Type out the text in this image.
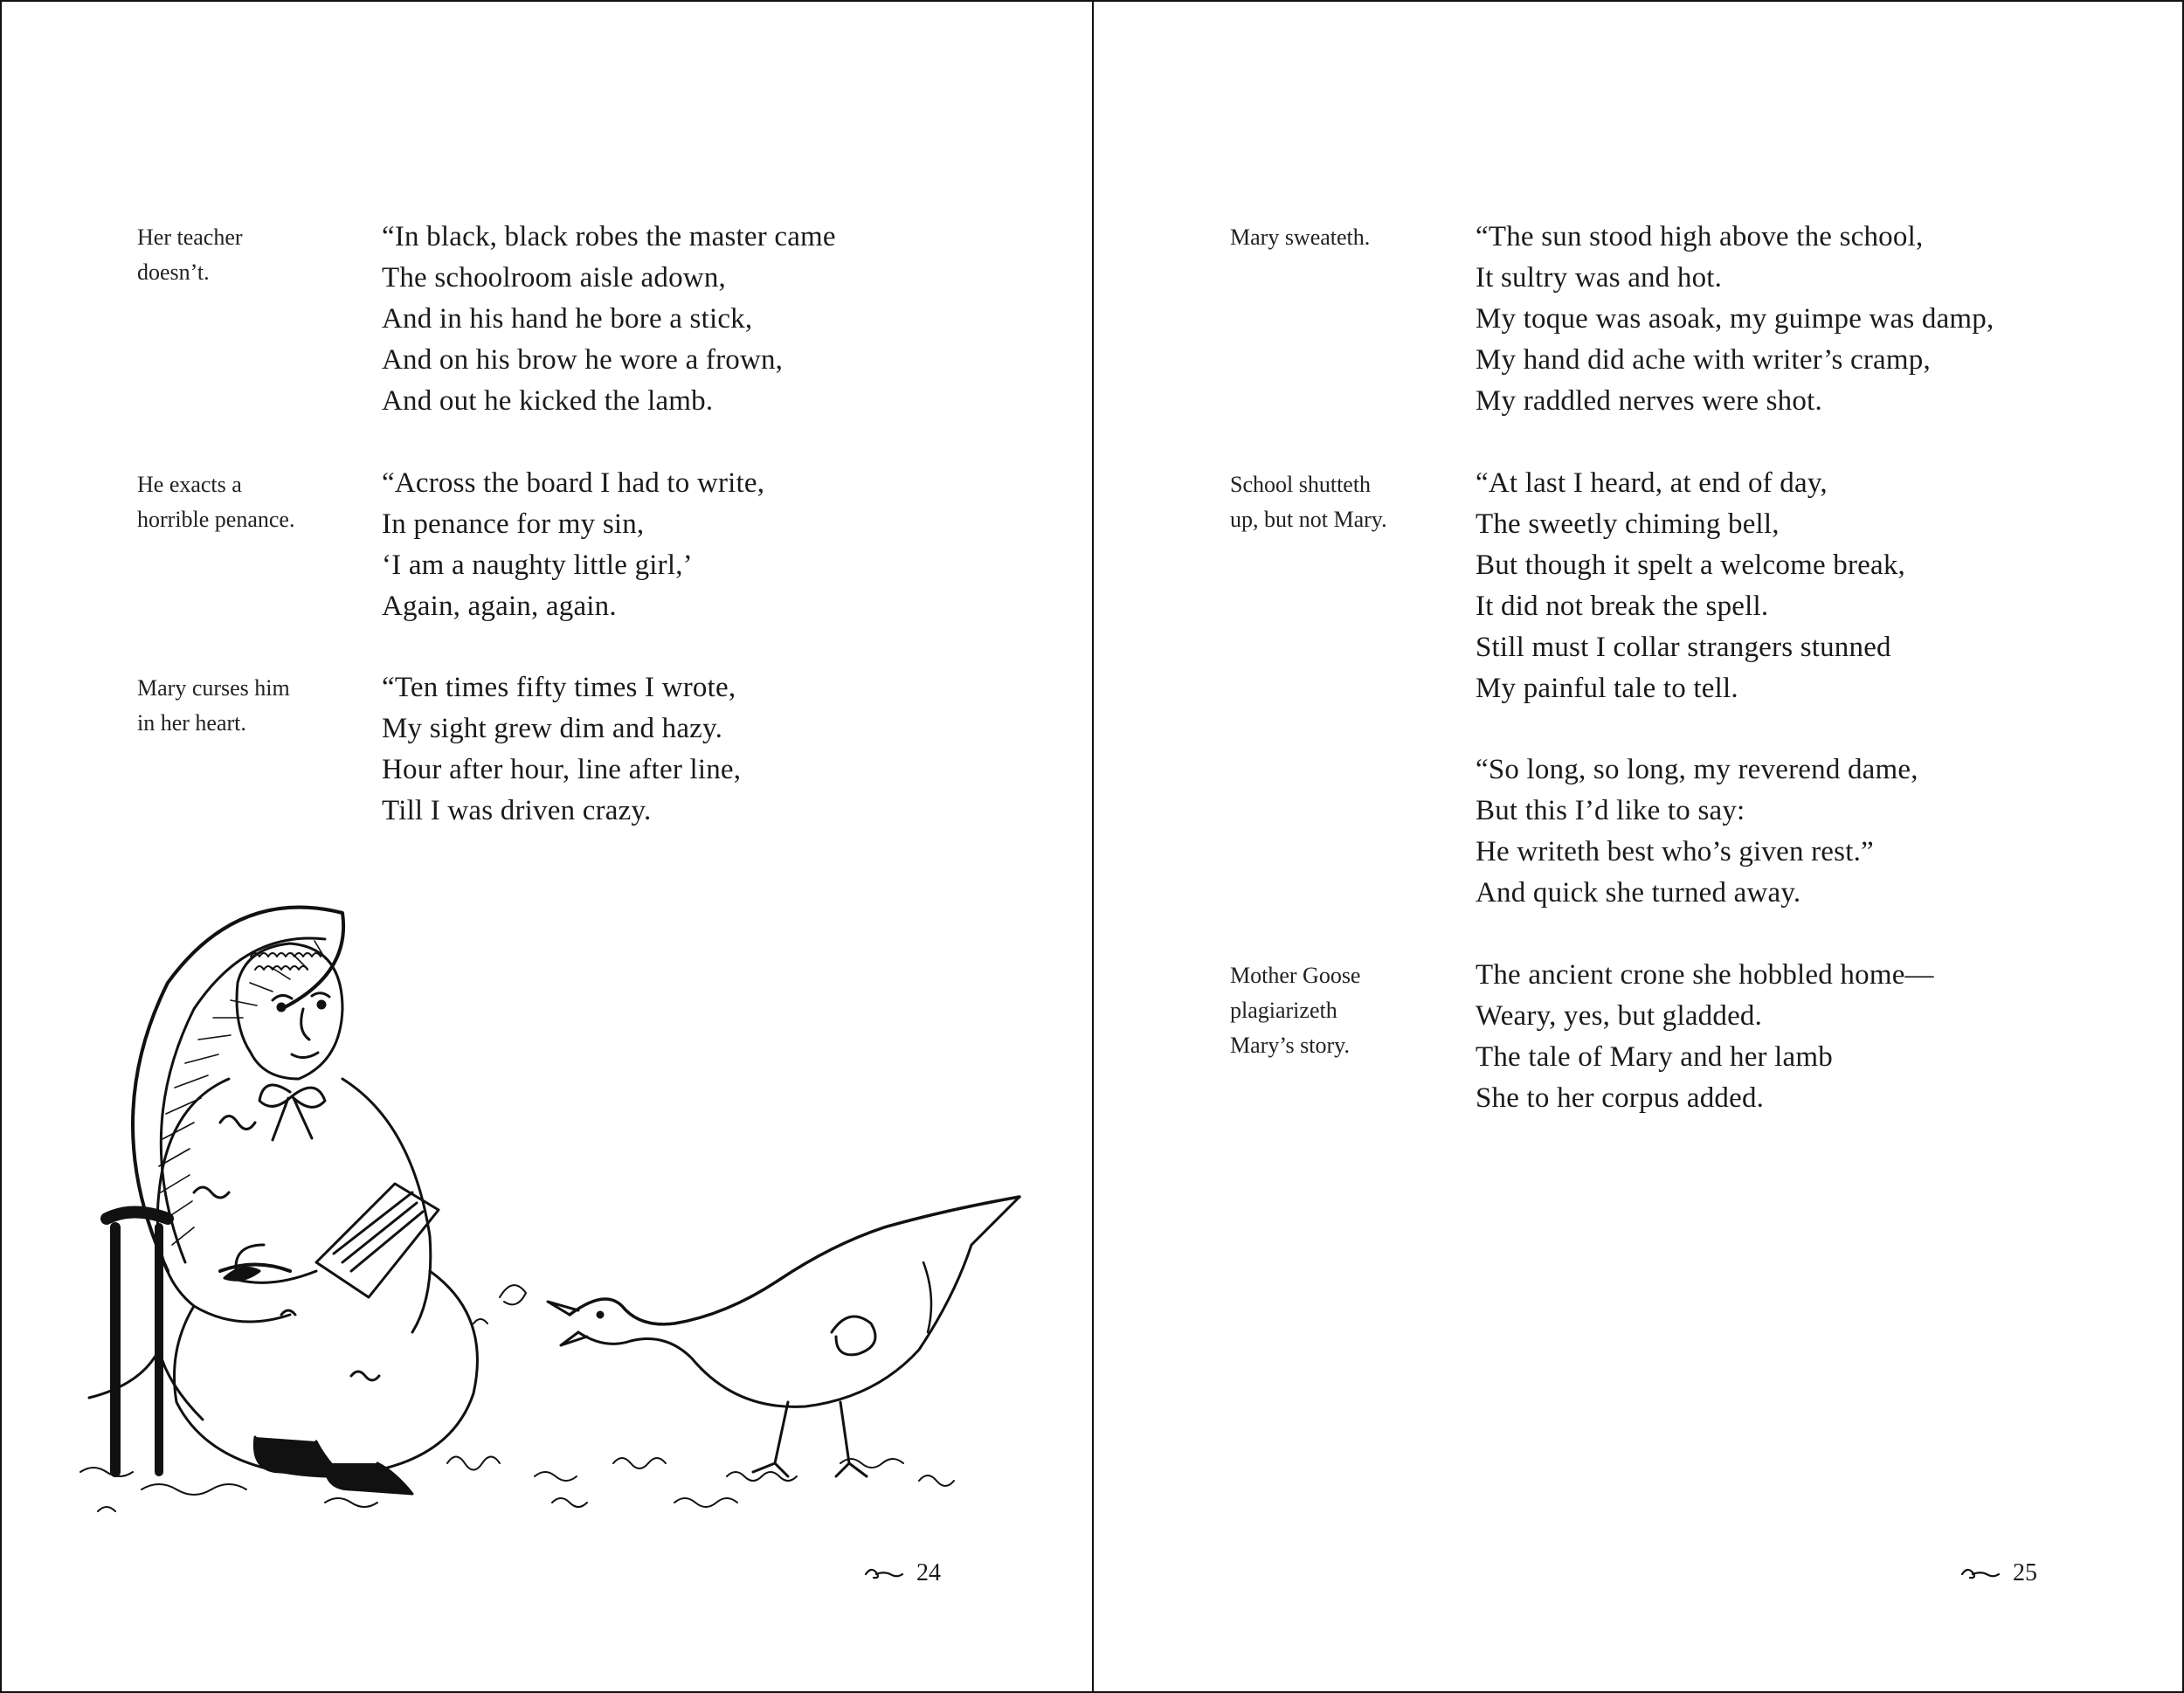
Her teacher
doesn’t.
“In black, black robes the master came
The schoolroom aisle adown,
And in his hand he bore a stick,
And on his brow he wore a frown,
And out he kicked the lamb.
He exacts a
horrible penance.
“Across the board I had to write,
In penance for my sin,
‘I am a naughty little girl,’
Again, again, again.
Mary curses him
in her heart.
“Ten times fifty times I wrote,
My sight grew dim and hazy.
Hour after hour, line after line,
Till I was driven crazy.
24
Mary sweateth.	“The sun stood high above the school,
It sultry was and hot.
My toque was asoak, my guimpe was damp,
My hand did ache with writer’s cramp,
My raddled nerves were shot.
School shutteth
up, but not Mary.
“At last I heard, at end of day,
The sweetly chiming bell,
But though it spelt a welcome break,
It did not break the spell.
Still must I collar strangers stunned
My painful tale to tell.
“So long, so long, my reverend dame,
But this I’d like to say:
He writeth best who’s given rest.”
And quick she turned away.
Mother Goose
plagiarizeth
Mary’s story.
The ancient crone she hobbled home—
Weary, yes, but gladded.
The tale of Mary and her lamb
She to her corpus added.
25
